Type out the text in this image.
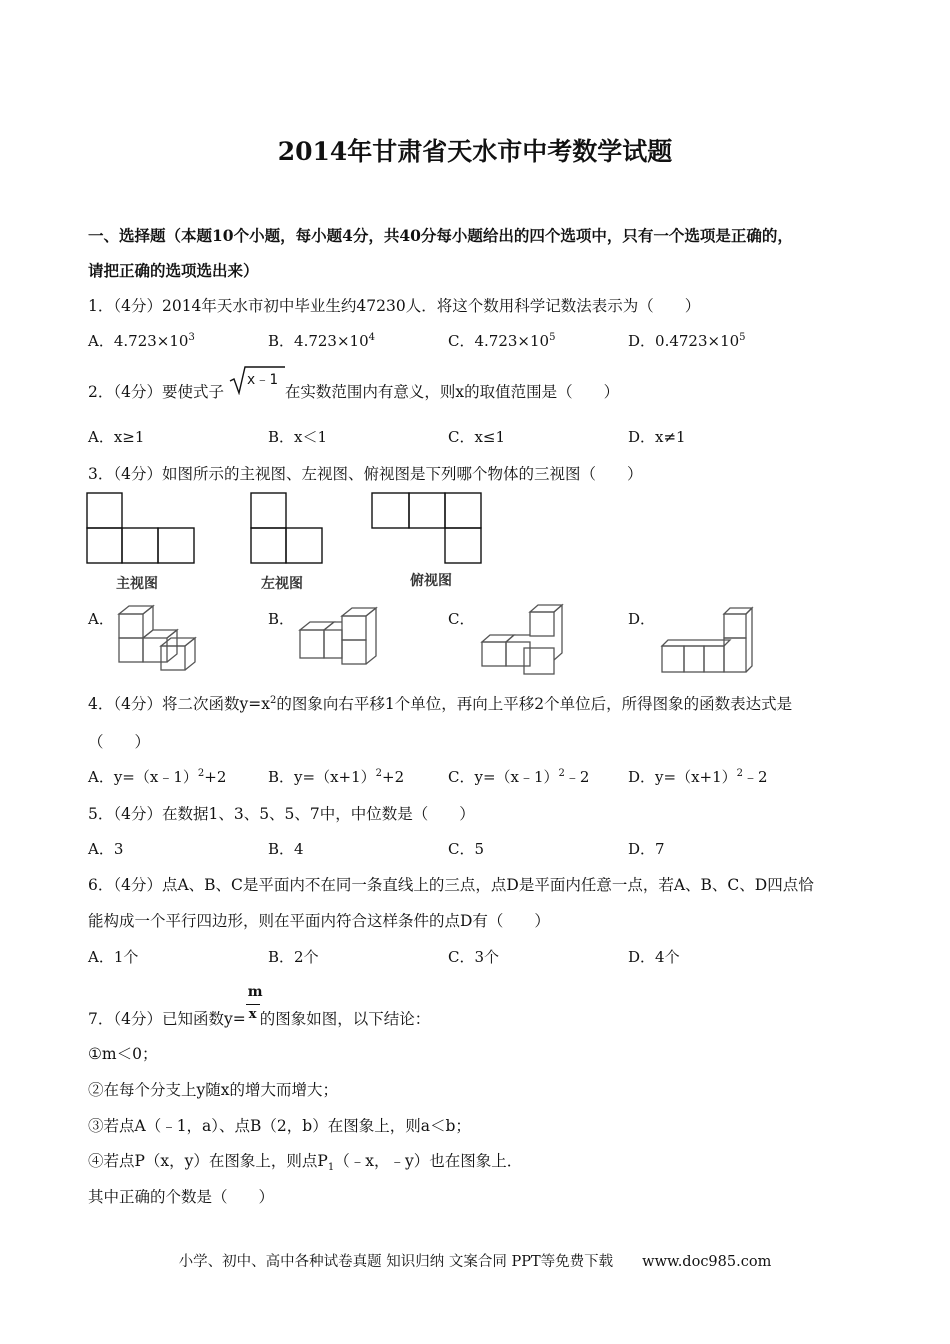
2014年甘肃省天水市中考数学试题
一、选择题（本题10个小题，每小题4分，共40分每小题给出的四个选项中，只有一个选项是正确的，
请把正确的选项选出来）
1．（4分）2014年天水市初中毕业生约47230人．将这个数用科学记数法表示为（　　）
A．$4.723\times 10^3$	B．$4.723\times 10^4$	C．$4.723\times 10^5$	D．$0.4723\times 10^5$
2．（4分）要使式子
x﹣1
在实数范围内有意义，则x的取值范围是（　　）
A．x≥1	B．x＜1	C．x≤1	D．x≠1
3．（4分）如图所示的主视图、左视图、俯视图是下列哪个物体的三视图（　　）
主视图	左视图	俯视图
A．	B．	C．	D．
4．（4分）将二次函数$y=x^2$的图象向右平移1个单位，再向上平移2个单位后，所得图象的函数表达式是
（　　）
A．y=（x﹣1）$^2$+2	B．$y=(x+1)^2+2$	C．y=（x﹣1）$^2$﹣2	D．$y=(x+1)^2﹣2$
5．（4分）在数据1、3、5、5、7中，中位数是（　　）
A．3	B．4	C．5	D．7
6．（4分）点A、B、C是平面内不在同一条直线上的三点，点D是平面内任意一点，若A、B、C、D四点恰
能构成一个平行四边形，则在平面内符合这样条件的点D有（　　）
A．1个	B．2个	C．3个	D．4个
7．（4分）已知函数$y= \frac{m}{x}$ 的图象如图，以下结论：
①m＜0；
②在每个分支上y随x的增大而增大；
③若点A（﹣1，a）、点B（2，b）在图象上，则a＜b；
④若点P（x，y）在图象上，则点$P_1(﹣x$，﹣y）也在图象上．
其中正确的个数是（　　）
小学、初中、高中各种试卷真题 知识归纳 文案合同 PPT等免费下载　　www.doc985.com
